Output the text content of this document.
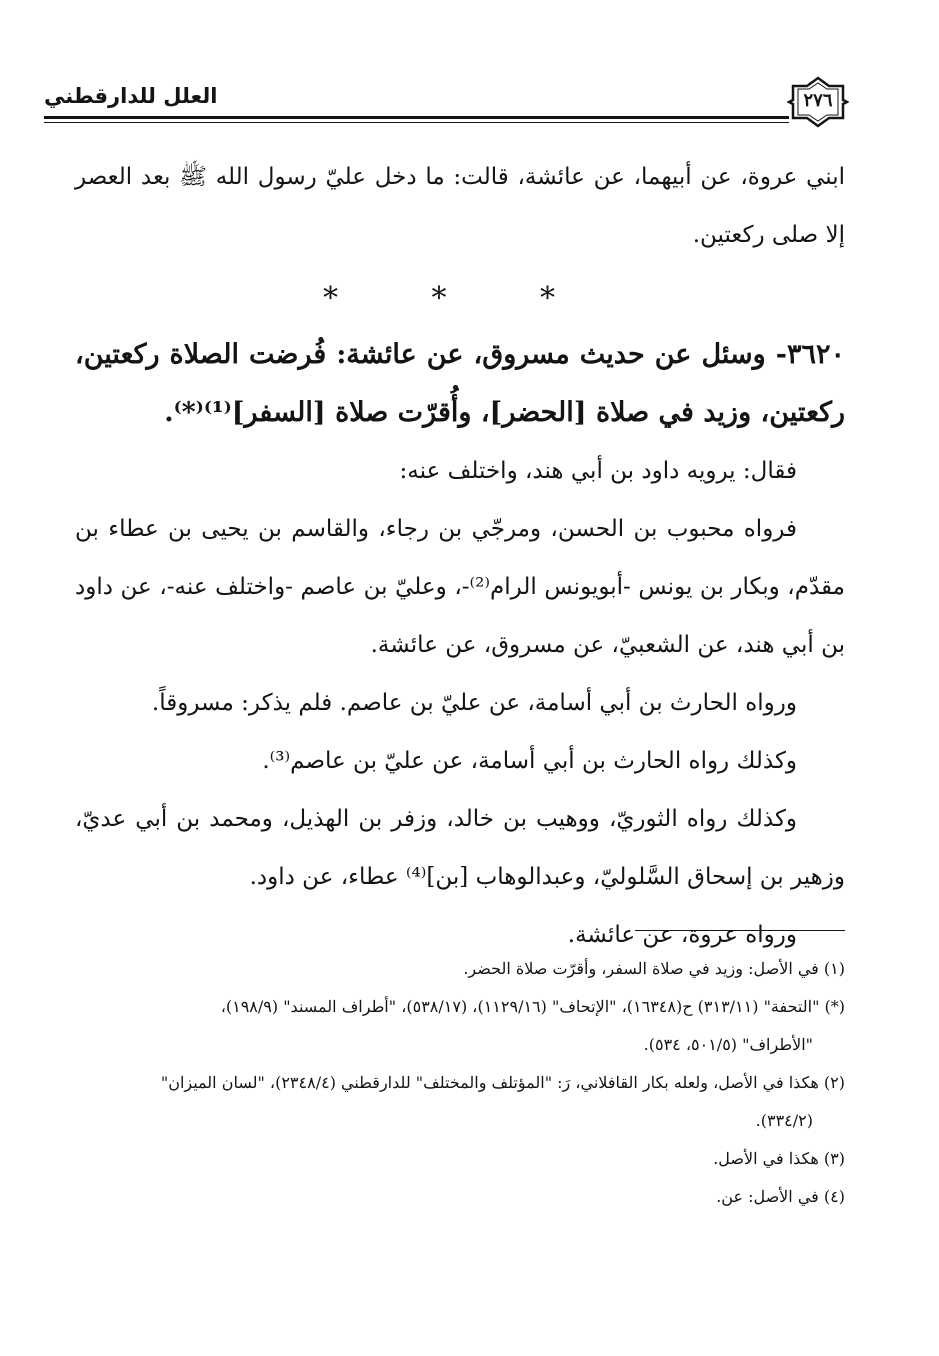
العلل للدارقطني	٢٧٦

ابني عروة، عن أبيهما، عن عائشة، قالت: ما دخل عليّ رسول الله ﷺ بعد العصر إلا صلى ركعتين.

* * *

٣٦٢٠- وسئل عن حديث مسروق، عن عائشة: فُرضت الصلاة ركعتين، ركعتين، وزيد في صلاة [الحضر]، وأُقرّت صلاة [السفر]⁽¹⁾⁽*⁾.

فقال: يرويه داود بن أبي هند، واختلف عنه:

فرواه محبوب بن الحسن، ومرجّي بن رجاء، والقاسم بن يحيى بن عطاء بن مقدّم، وبكار بن يونس -أبويونس الرام⁽²⁾-، وعليّ بن عاصم -واختلف عنه-، عن داود بن أبي هند، عن الشعبيّ، عن مسروق، عن عائشة.

ورواه الحارث بن أبي أسامة، عن عليّ بن عاصم. فلم يذكر: مسروقاً.

وكذلك رواه الحارث بن أبي أسامة، عن عليّ بن عاصم⁽³⁾.

وكذلك رواه الثوريّ، ووهيب بن خالد، وزفر بن الهذيل، ومحمد بن أبي عديّ، وزهير بن إسحاق السَّلوليّ، وعبدالوهاب [بن]⁽⁴⁾ عطاء، عن داود.

ورواه عروة، عن عائشة.

(١) في الأصل: وزيد في صلاة السفر، وأقرّت صلاة الحضر.

(*) "التحفة" (٣١٣/١١) ح(١٦٣٤٨)، "الإتحاف" (١١٢٩/١٦)، (٥٣٨/١٧)، "أطراف المسند" (١٩٨/٩)،

"الأطراف" (٥٠١/٥، ٥٣٤).

(٢) هكذا في الأصل، ولعله بكار القافلاني، رَ: "المؤتلف والمختلف" للدارقطني (٢٣٤٨/٤)، "لسان الميزان"

(٣٣٤/٢).

(٣) هكذا في الأصل.

(٤) في الأصل: عن.
